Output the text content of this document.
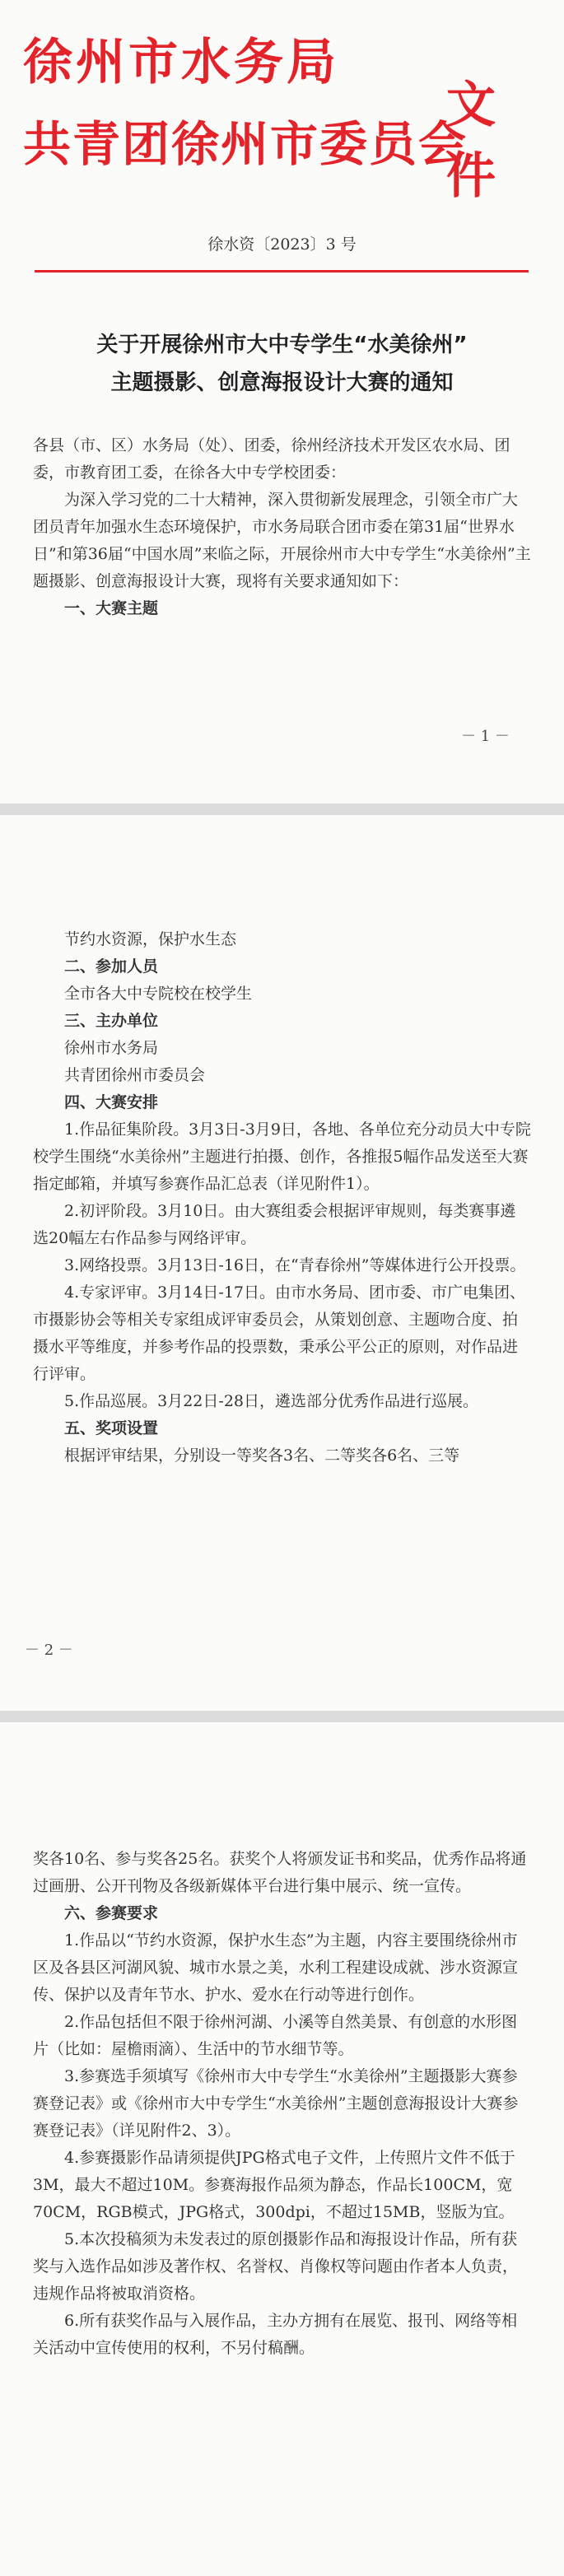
徐州市水务局
共青团徐州市委员会
文件
徐水资〔2023〕3 号
关于开展徐州市大中专学生“水美徐州”
主题摄影、创意海报设计大赛的通知

各县（市、区）水务局（处）、团委，徐州经济技术开发区农水局、团委，市教育团工委，在徐各大中专学校团委：

为深入学习党的二十大精神，深入贯彻新发展理念，引领全市广大团员青年加强水生态环境保护，市水务局联合团市委在第31届“世界水日”和第36届“中国水周”来临之际，开展徐州市大中专学生“水美徐州”主题摄影、创意海报设计大赛，现将有关要求通知如下：

一、大赛主题

－ 1 －

节约水资源，保护水生态

二、参加人员

全市各大中专院校在校学生

三、主办单位

徐州市水务局

共青团徐州市委员会

四、大赛安排

1.作品征集阶段。3月3日-3月9日，各地、各单位充分动员大中专院校学生围绕“水美徐州”主题进行拍摄、创作，各推报5幅作品发送至大赛指定邮箱，并填写参赛作品汇总表（详见附件1）。

2.初评阶段。3月10日。由大赛组委会根据评审规则，每类赛事遴选20幅左右作品参与网络评审。

3.网络投票。3月13日-16日，在“青春徐州”等媒体进行公开投票。

4.专家评审。3月14日-17日。由市水务局、团市委、市广电集团、市摄影协会等相关专家组成评审委员会，从策划创意、主题吻合度、拍摄水平等维度，并参考作品的投票数，秉承公平公正的原则，对作品进行评审。

5.作品巡展。3月22日-28日，遴选部分优秀作品进行巡展。

五、奖项设置

根据评审结果，分别设一等奖各3名、二等奖各6名、三等

－ 2 －

奖各10名、参与奖各25名。获奖个人将颁发证书和奖品，优秀作品将通过画册、公开刊物及各级新媒体平台进行集中展示、统一宣传。

六、参赛要求

1.作品以“节约水资源，保护水生态”为主题，内容主要围绕徐州市区及各县区河湖风貌、城市水景之美，水利工程建设成就、涉水资源宣传、保护以及青年节水、护水、爱水在行动等进行创作。

2.作品包括但不限于徐州河湖、小溪等自然美景、有创意的水形图片（比如：屋檐雨滴）、生活中的节水细节等。

3.参赛选手须填写《徐州市大中专学生“水美徐州”主题摄影大赛参赛登记表》或《徐州市大中专学生“水美徐州”主题创意海报设计大赛参赛登记表》（详见附件2、3）。

4.参赛摄影作品请须提供JPG格式电子文件，上传照片文件不低于3M，最大不超过10M。参赛海报作品须为静态，作品长100CM，宽70CM，RGB模式，JPG格式，300dpi，不超过15MB，竖版为宜。

5.本次投稿须为未发表过的原创摄影作品和海报设计作品，所有获奖与入选作品如涉及著作权、名誉权、肖像权等问题由作者本人负责，违规作品将被取消资格。

6.所有获奖作品与入展作品，主办方拥有在展览、报刊、网络等相关活动中宣传使用的权利，不另付稿酬。
